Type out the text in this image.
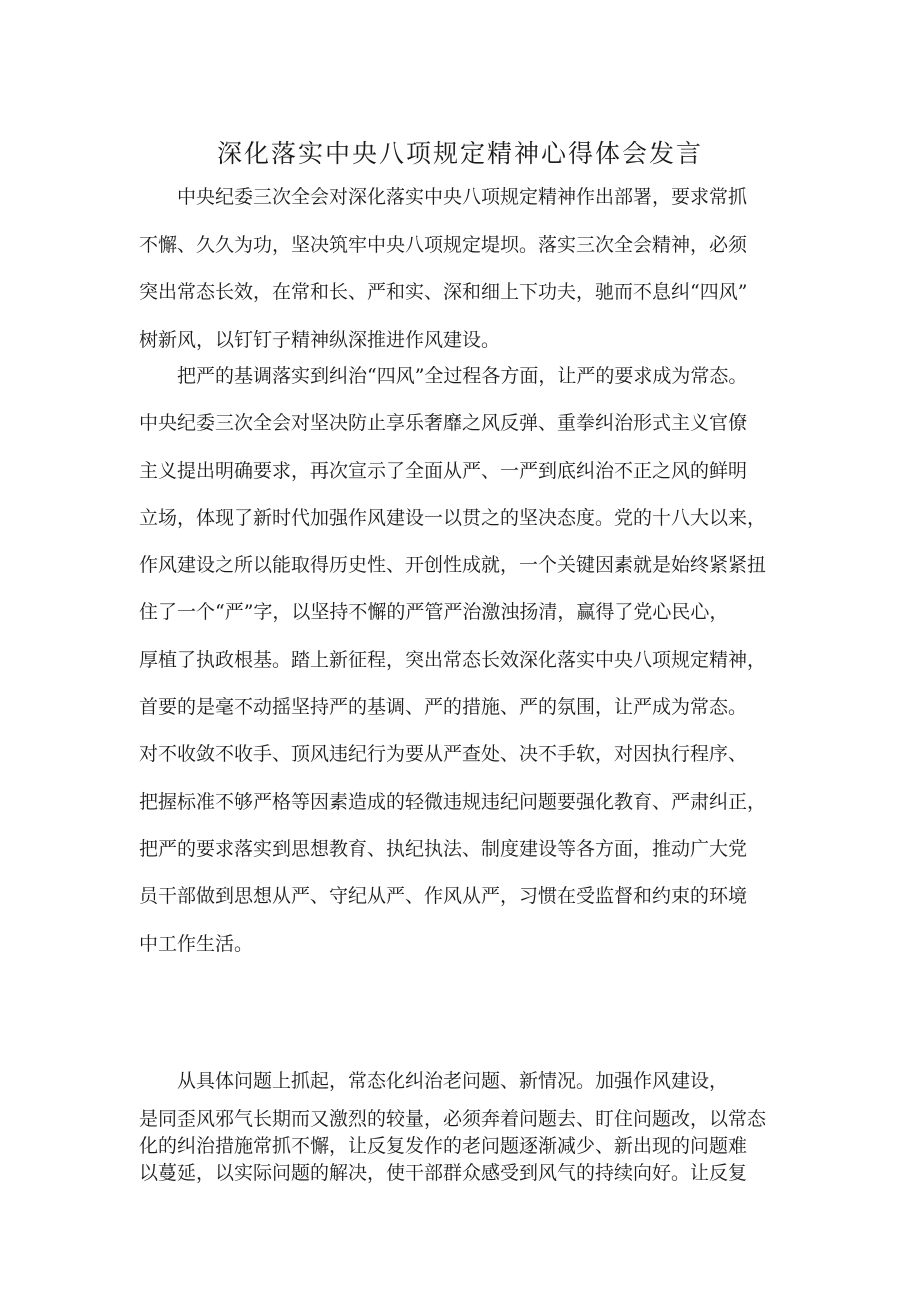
深化落实中央八项规定精神心得体会发言
　　中央纪委三次全会对深化落实中央八项规定精神作出部署，要求常抓
不懈、久久为功，坚决筑牢中央八项规定堤坝。落实三次全会精神，必须
突出常态长效，在常和长、严和实、深和细上下功夫，驰而不息纠“四风”
树新风，以钉钉子精神纵深推进作风建设。
　　把严的基调落实到纠治“四风”全过程各方面，让严的要求成为常态。
中央纪委三次全会对坚决防止享乐奢靡之风反弹、重拳纠治形式主义官僚
主义提出明确要求，再次宣示了全面从严、一严到底纠治不正之风的鲜明
立场，体现了新时代加强作风建设一以贯之的坚决态度。党的十八大以来，
作风建设之所以能取得历史性、开创性成就，一个关键因素就是始终紧紧扭
住了一个“严”字，以坚持不懈的严管严治激浊扬清，赢得了党心民心，
厚植了执政根基。踏上新征程，突出常态长效深化落实中央八项规定精神，
首要的是毫不动摇坚持严的基调、严的措施、严的氛围，让严成为常态。
对不收敛不收手、顶风违纪行为要从严查处、决不手软，对因执行程序、
把握标准不够严格等因素造成的轻微违规违纪问题要强化教育、严肃纠正，
把严的要求落实到思想教育、执纪执法、制度建设等各方面，推动广大党
员干部做到思想从严、守纪从严、作风从严，习惯在受监督和约束的环境
中工作生活。
　　从具体问题上抓起，常态化纠治老问题、新情况。加强作风建设，
是同歪风邪气长期而又激烈的较量，必须奔着问题去、盯住问题改，以常态
化的纠治措施常抓不懈，让反复发作的老问题逐渐减少、新出现的问题难
以蔓延，以实际问题的解决，使干部群众感受到风气的持续向好。让反复
